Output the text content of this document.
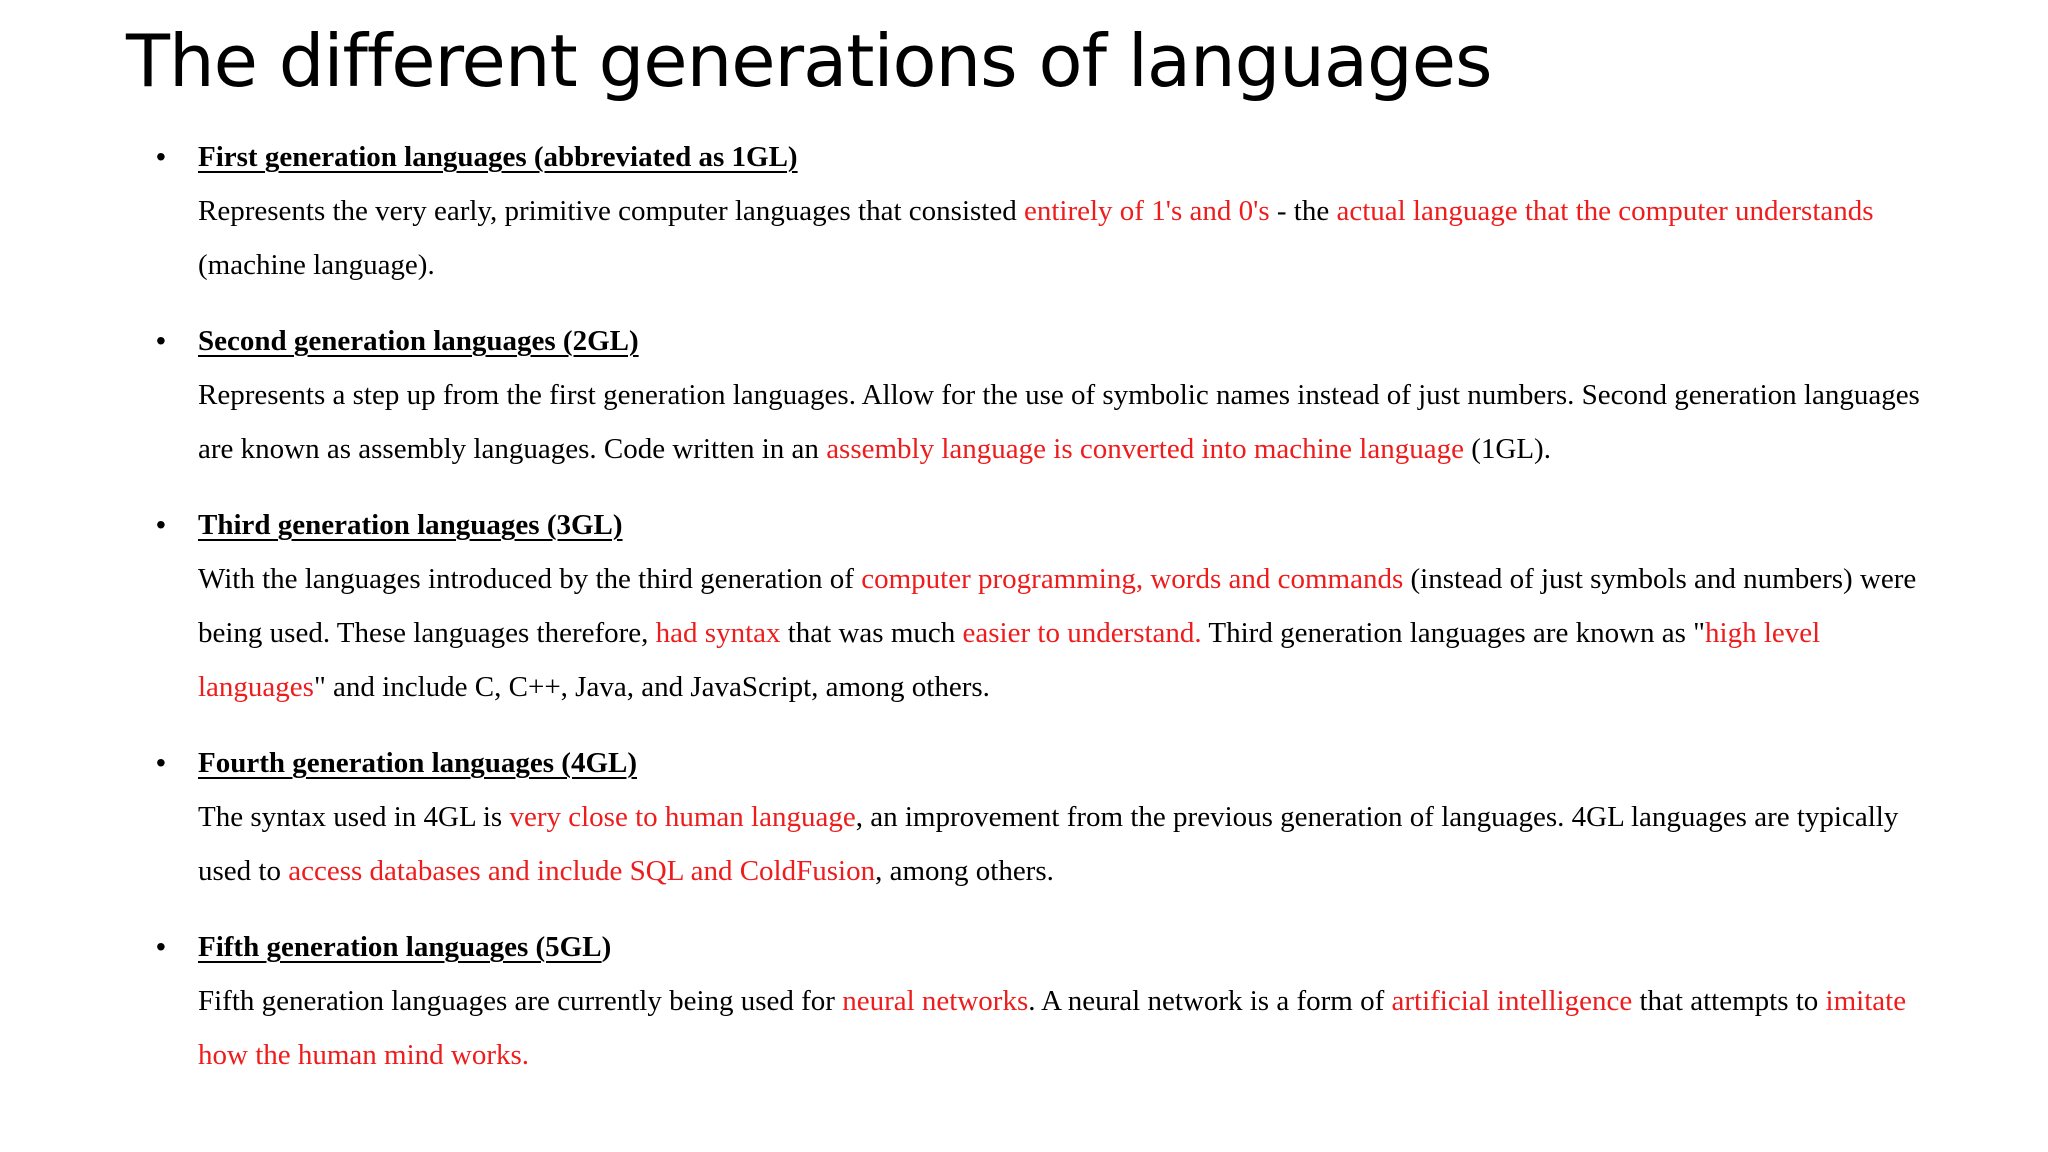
The different generations of languages
• First generation languages (abbreviated as 1GL)
Represents the very early, primitive computer languages that consisted entirely of 1's and 0's - the actual language that the computer understands (machine language).
• Second generation languages (2GL)
Represents a step up from the first generation languages. Allow for the use of symbolic names instead of just numbers. Second generation languages are known as assembly languages. Code written in an assembly language is converted into machine language (1GL).
• Third generation languages (3GL)
With the languages introduced by the third generation of computer programming, words and commands (instead of just symbols and numbers) were being used. These languages therefore, had syntax that was much easier to understand. Third generation languages are known as "high level languages" and include C, C++, Java, and JavaScript, among others.
• Fourth generation languages (4GL)
The syntax used in 4GL is very close to human language, an improvement from the previous generation of languages. 4GL languages are typically used to access databases and include SQL and ColdFusion, among others.
• Fifth generation languages (5GL)
Fifth generation languages are currently being used for neural networks. A neural network is a form of artificial intelligence that attempts to imitate how the human mind works.
